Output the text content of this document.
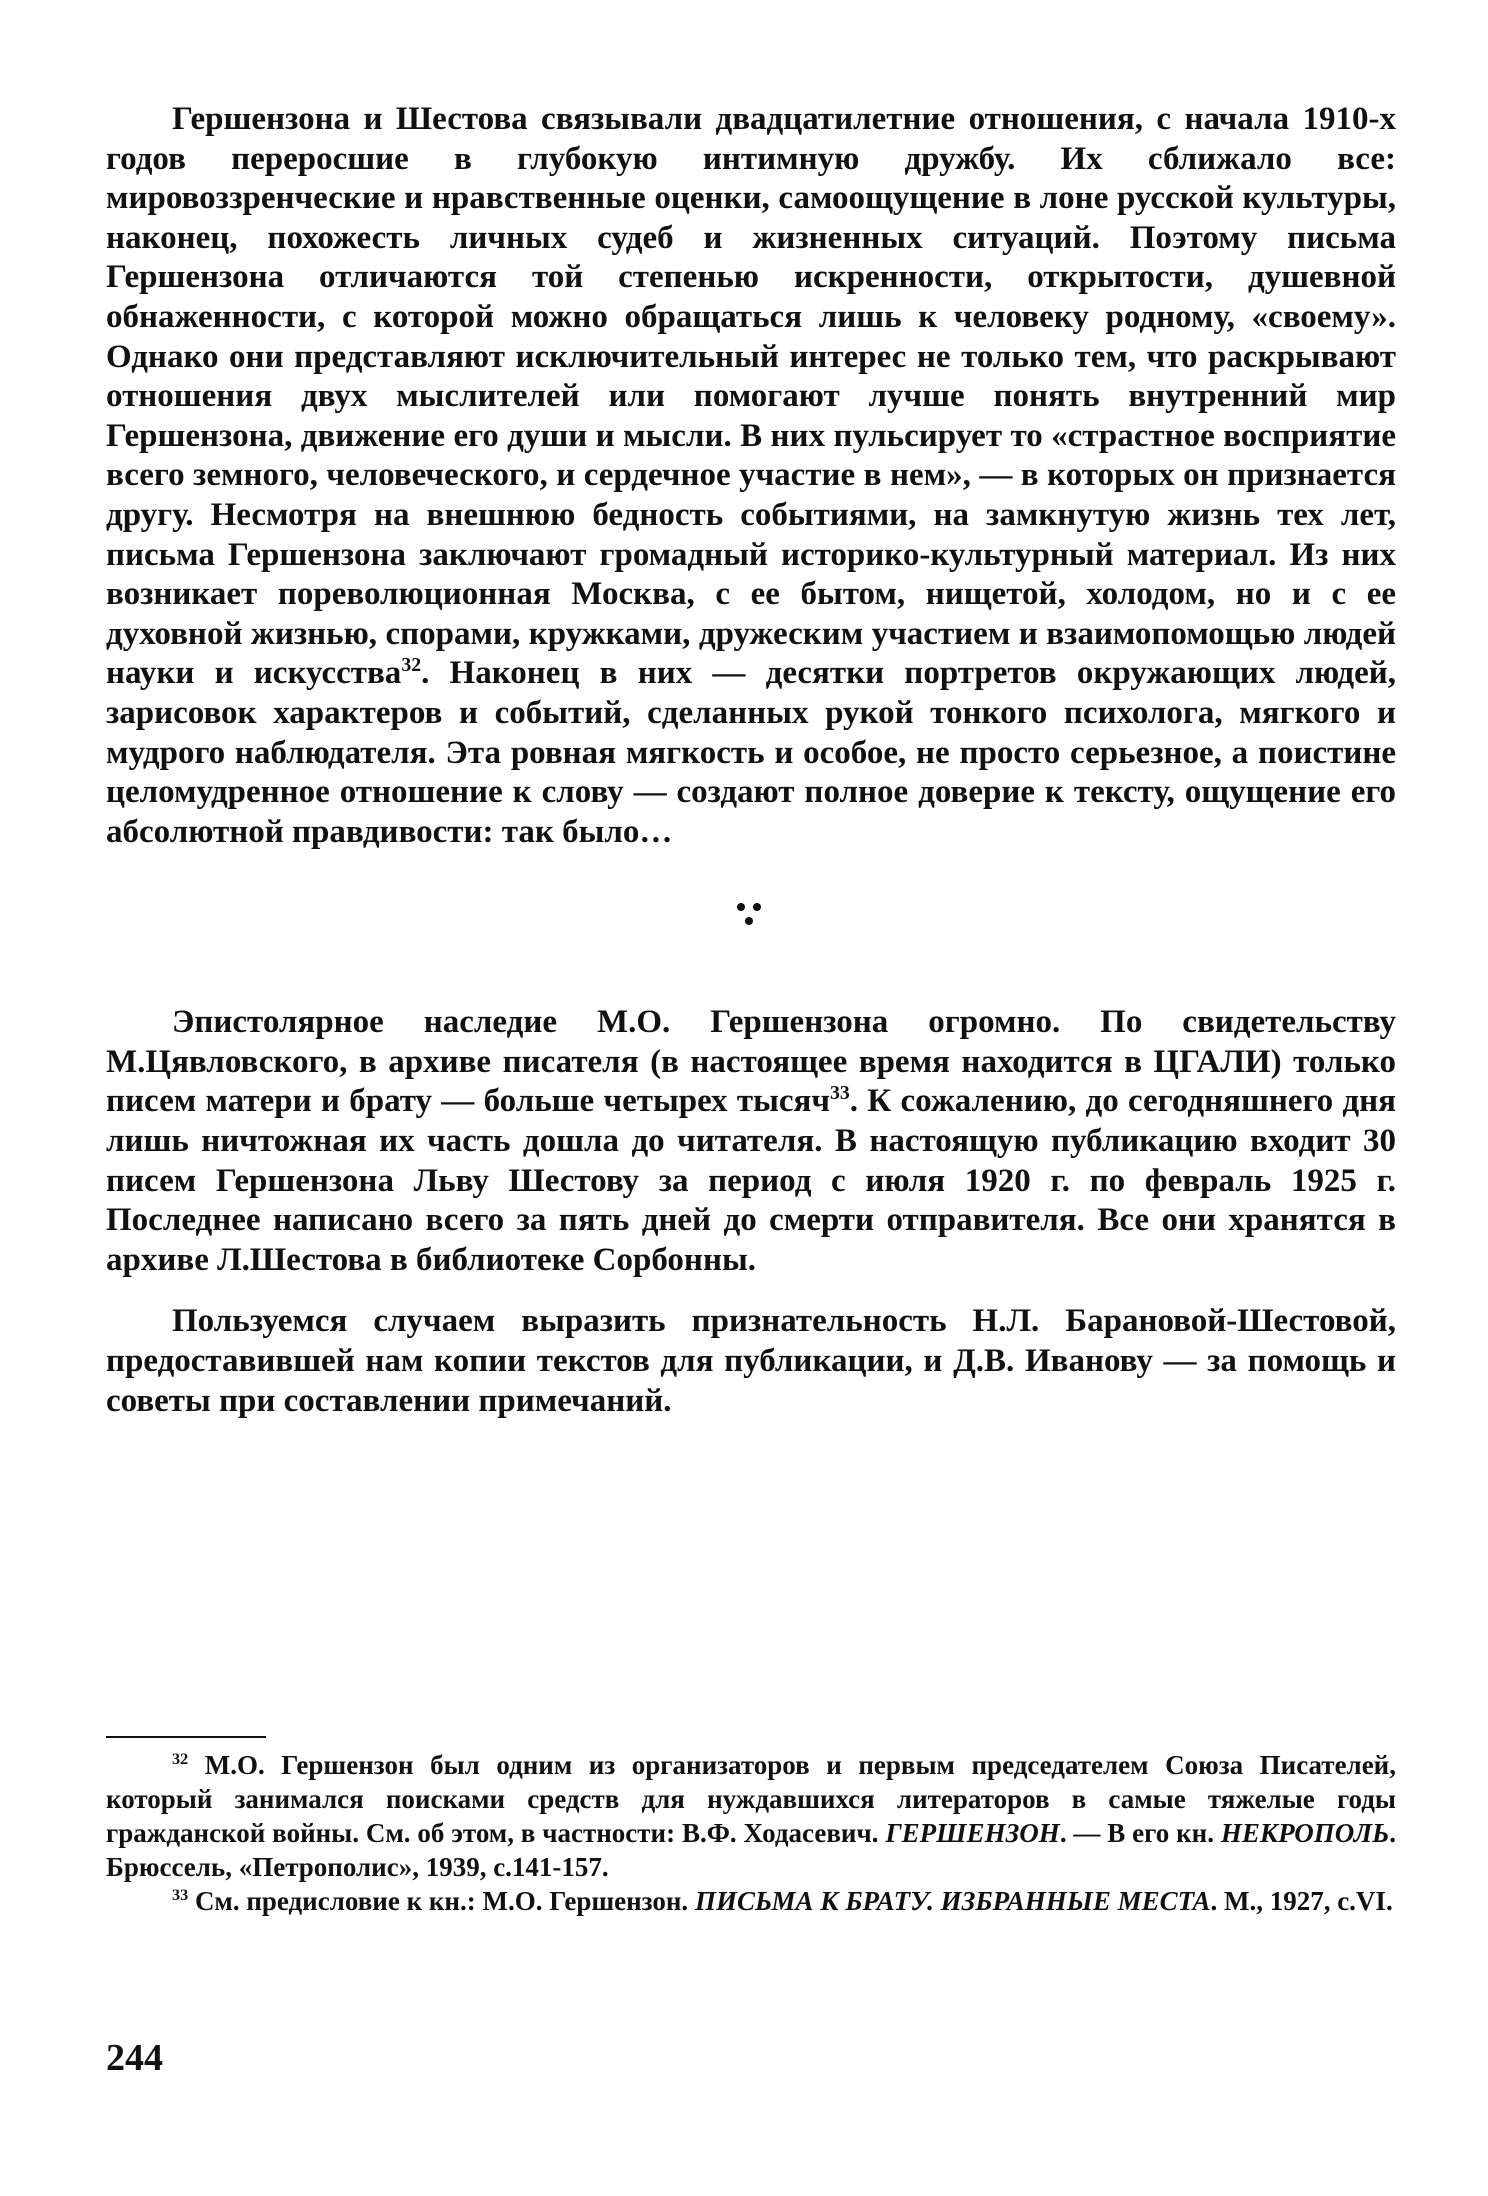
Гершензона и Шестова связывали двадцатилетние отношения, с начала 1910-х годов переросшие в глубокую интимную дружбу. Их сближало все: мировоззренческие и нравственные оценки, самоощущение в лоне русской культуры, наконец, похожесть личных судеб и жизненных ситуаций. Поэтому письма Гершензона отличаются той степенью искренности, открытости, душевной обнаженности, с которой можно обращаться лишь к человеку родному, «своему». Однако они представляют исключительный интерес не только тем, что раскрывают отношения двух мыслителей или помогают лучше понять внутренний мир Гершензона, движение его души и мысли. В них пульсирует то «страстное восприятие всего земного, человеческого, и сердечное участие в нем», — в которых он признается другу. Несмотря на внешнюю бедность событиями, на замкнутую жизнь тех лет, письма Гершензона заключают громадный историко-культурный материал. Из них возникает пореволюционная Москва, с ее бытом, нищетой, холодом, но и с ее духовной жизнью, спорами, кружками, дружеским участием и взаимопомощью людей науки и искусства$^{32}$. Наконец в них — десятки портретов окружающих людей, зарисовок характеров и событий, сделанных рукой тонкого психолога, мягкого и мудрого наблюдателя. Эта ровная мягкость и особое, не просто серьезное, а поистине целомудренное отношение к слову — создают полное доверие к тексту, ощущение его абсолютной правдивости: так было…

Эпистолярное наследие М.О. Гершензона огромно. По свидетельству М.Цявловского, в архиве писателя (в настоящее время находится в ЦГАЛИ) только писем матери и брату — больше четырех тысяч$^{33}$. К сожалению, до сегодняшнего дня лишь ничтожная их часть дошла до читателя. В настоящую публикацию входит 30 писем Гершензона Льву Шестову за период с июля 1920 г. по февраль 1925 г. Последнее написано всего за пять дней до смерти отправителя. Все они хранятся в архиве Л.Шестова в библиотеке Сорбонны.

Пользуемся случаем выразить признательность Н.Л. Барановой-Шестовой, предоставившей нам копии текстов для публикации, и Д.В. Иванову — за помощь и советы при составлении примечаний.

$^{32}$ М.О. Гершензон был одним из организаторов и первым председателем Союза Писателей, который занимался поисками средств для нуждавшихся литераторов в самые тяжелые годы гражданской войны. См. об этом, в частности: В.Ф. Ходасевич. ГЕРШЕНЗОН. — В его кн. НЕКРОПОЛЬ. Брюссель, «Петрополис», 1939, с.141-157.

$^{33}$ См. предисловие к кн.: М.О. Гершензон. ПИСЬМА К БРАТУ. ИЗБРАННЫЕ МЕСТА. М., 1927, с.VI.

244
